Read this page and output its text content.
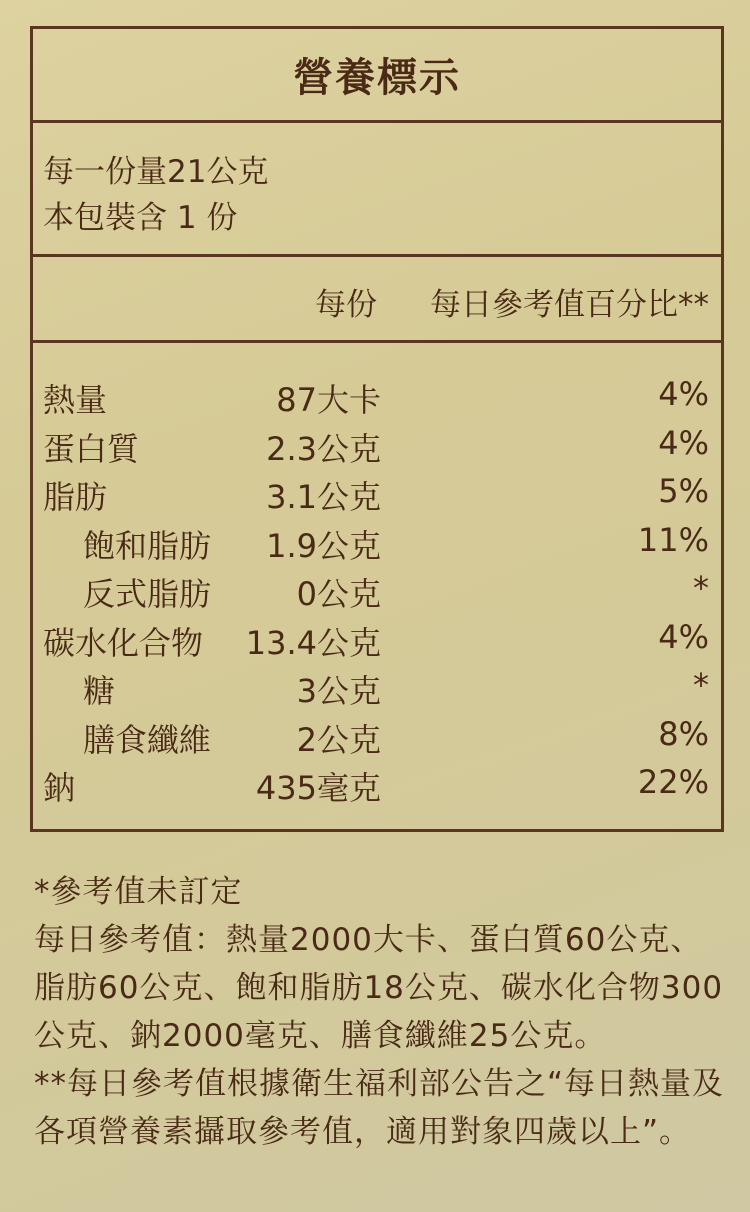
營養標示
每一份量21公克
本包裝含 1 份
每份 每日參考值百分比**
熱量	87大卡	4%
蛋白質	2.3公克	4%
脂肪	3.1公克	5%
飽和脂肪 1.9公克	11%
反式脂肪	0公克	*
碳水化合物 13.4公克	4%
糖	3公克	*
膳食纖維	2公克	8%
鈉	435毫克	22%

*參考值未訂定

每日參考值：熱量2000大卡、蛋白質60公克、脂肪60公克、飽和脂肪18公克、碳水化合物300公克、鈉2000毫克、膳食纖維25公克。

**每日參考值根據衛生福利部公告之“每日熱量及各項營養素攝取參考值，適用對象四歲以上”。
